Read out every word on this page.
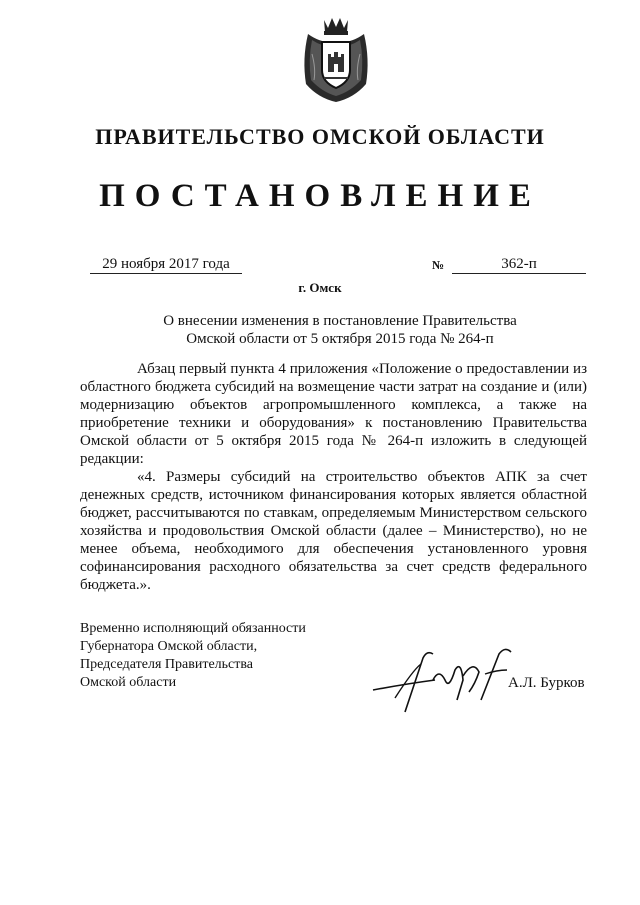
ПРАВИТЕЛЬСТВО ОМСКОЙ ОБЛАСТИ
ПОСТАНОВЛЕНИЕ
29 ноября 2017 года	№	362-п
г. Омск
О внесении изменения в постановление Правительства
Омской области от 5 октября 2015 года № 264-п

Абзац первый пункта 4 приложения «Положение о предоставлении из областного бюджета субсидий на возмещение части затрат на создание и (или) модернизацию объектов агропромышленного комплекса, а также на приобретение техники и оборудования» к постановлению Правительства Омской области от 5 октября 2015 года № 264-п изложить в следующей редакции:

«4. Размеры субсидий на строительство объектов АПК за счет денежных средств, источником финансирования которых является областной бюджет, рассчитываются по ставкам, определяемым Министерством сельского хозяйства и продовольствия Омской области (далее – Министерство), но не менее объема, необходимого для обеспечения установленного уровня софинансирования расходного обязательства за счет средств федерального бюджета.».

Временно исполняющий обязанности
Губернатора Омской области,
Председателя Правительства
Омской области	А.Л. Бурков
